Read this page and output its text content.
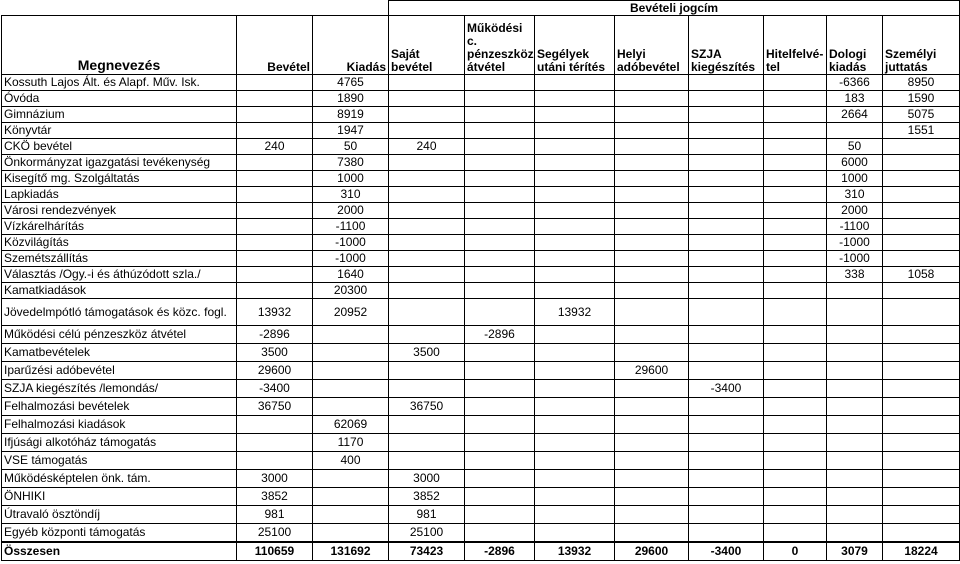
			Bevételi jogcím							
Megnevezés	Bevétel	Kiadás	Saját bevétel	Működési c. pénzeszköz átvétel	Segélyek utáni térítés	Helyi adóbevétel	SZJA kiegészítés	Hitelfelvé-tel	Dologi kiadás	Személyi juttatás
Kossuth Lajos Ált. és Alapf. Műv. Isk.		4765							-6366	8950
Óvóda		1890							183	1590
Gimnázium		8919							2664	5075
Könyvtár		1947								1551
CKÖ bevétel	240	50	240						50	
Önkormányzat igazgatási tevékenység		7380							6000	
Kisegítő mg. Szolgáltatás		1000							1000	
Lapkiadás		310							310	
Városi rendezvények		2000							2000	
Vízkárelhárítás		-1100							-1100	
Közvilágítás		-1000							-1000	
Szemétszállítás		-1000							-1000	
Választás /Ogy.-i és áthúzódott szla./		1640							338	1058
Kamatkiadások		20300								
Jövedelmpótló támogatások és közc. fogl.	13932	20952			13932					
Működési célú pénzeszköz átvétel	-2896			-2896						
Kamatbevételek	3500		3500							
Iparűzési adóbevétel	29600					29600				
SZJA kiegészítés /lemondás/	-3400						-3400			
Felhalmozási bevételek	36750		36750							
Felhalmozási kiadások		62069								
Ifjúsági alkotóház támogatás		1170								
VSE támogatás		400								
Működésképtelen önk. tám.	3000		3000							
ÖNHIKI	3852		3852							
Útravaló ösztöndíj	981		981							
Egyéb központi támogatás	25100		25100							
Összesen	110659	131692	73423	-2896	13932	29600	-3400	0	3079	18224
